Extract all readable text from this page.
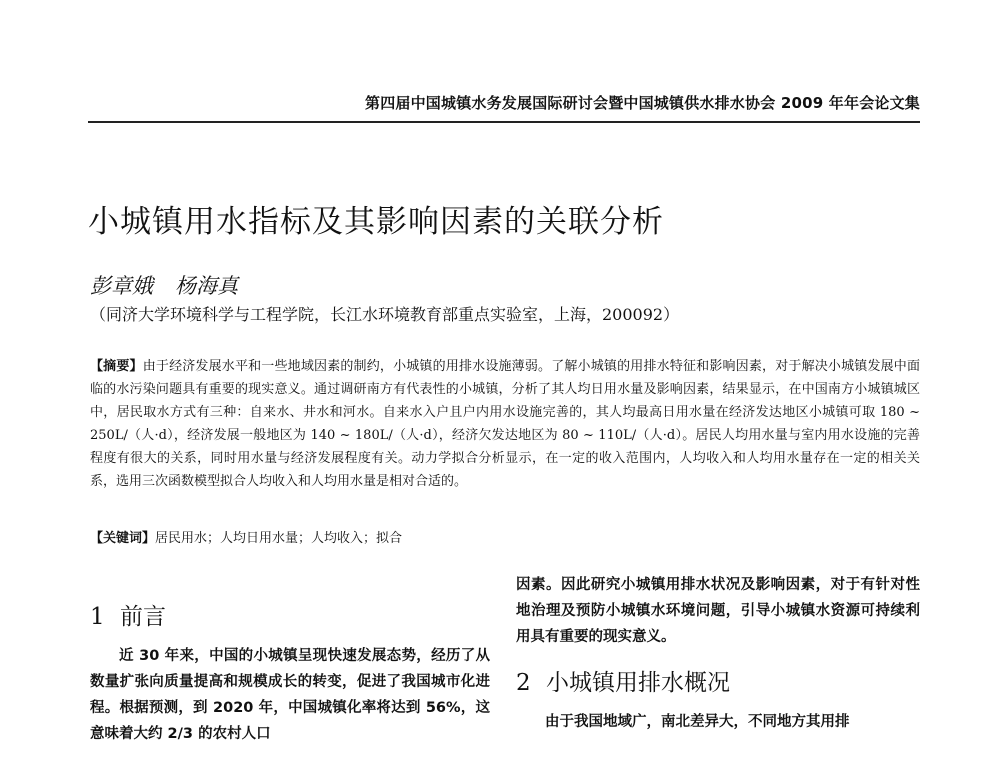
第四届中国城镇水务发展国际研讨会暨中国城镇供水排水协会 2009 年年会论文集
小城镇用水指标及其影响因素的关联分析
彭章娥 杨海真
（同济大学环境科学与工程学院，长江水环境教育部重点实验室，上海，200092）
【摘要】由于经济发展水平和一些地域因素的制约，小城镇的用排水设施薄弱。了解小城镇的用排水特征和影响因素，对于解决小城镇发展中面临的水污染问题具有重要的现实意义。通过调研南方有代表性的小城镇，分析了其人均日用水量及影响因素，结果显示，在中国南方小城镇城区中，居民取水方式有三种：自来水、井水和河水。自来水入户且户内用水设施完善的，其人均最高日用水量在经济发达地区小城镇可取 180 ~ 250L/（人·d），经济发展一般地区为 140 ~ 180L/（人·d），经济欠发达地区为 80 ~ 110L/（人·d）。居民人均用水量与室内用水设施的完善程度有很大的关系，同时用水量与经济发展程度有关。动力学拟合分析显示，在一定的收入范围内，人均收入和人均用水量存在一定的相关关系，选用三次函数模型拟合人均收入和人均用水量是相对合适的。
【关键词】居民用水；人均日用水量；人均收入；拟合
1 前言

近 30 年来，中国的小城镇呈现快速发展态势，经历了从数量扩张向质量提高和规模成长的转变，促进了我国城市化进程。根据预测，到 2020 年，中国城镇化率将达到 56%，这意味着大约 2/3 的农村人口

因素。因此研究小城镇用排水状况及影响因素，对于有针对性地治理及预防小城镇水环境问题，引导小城镇水资源可持续利用具有重要的现实意义。

2 小城镇用排水概况

由于我国地域广，南北差异大，不同地方其用排
